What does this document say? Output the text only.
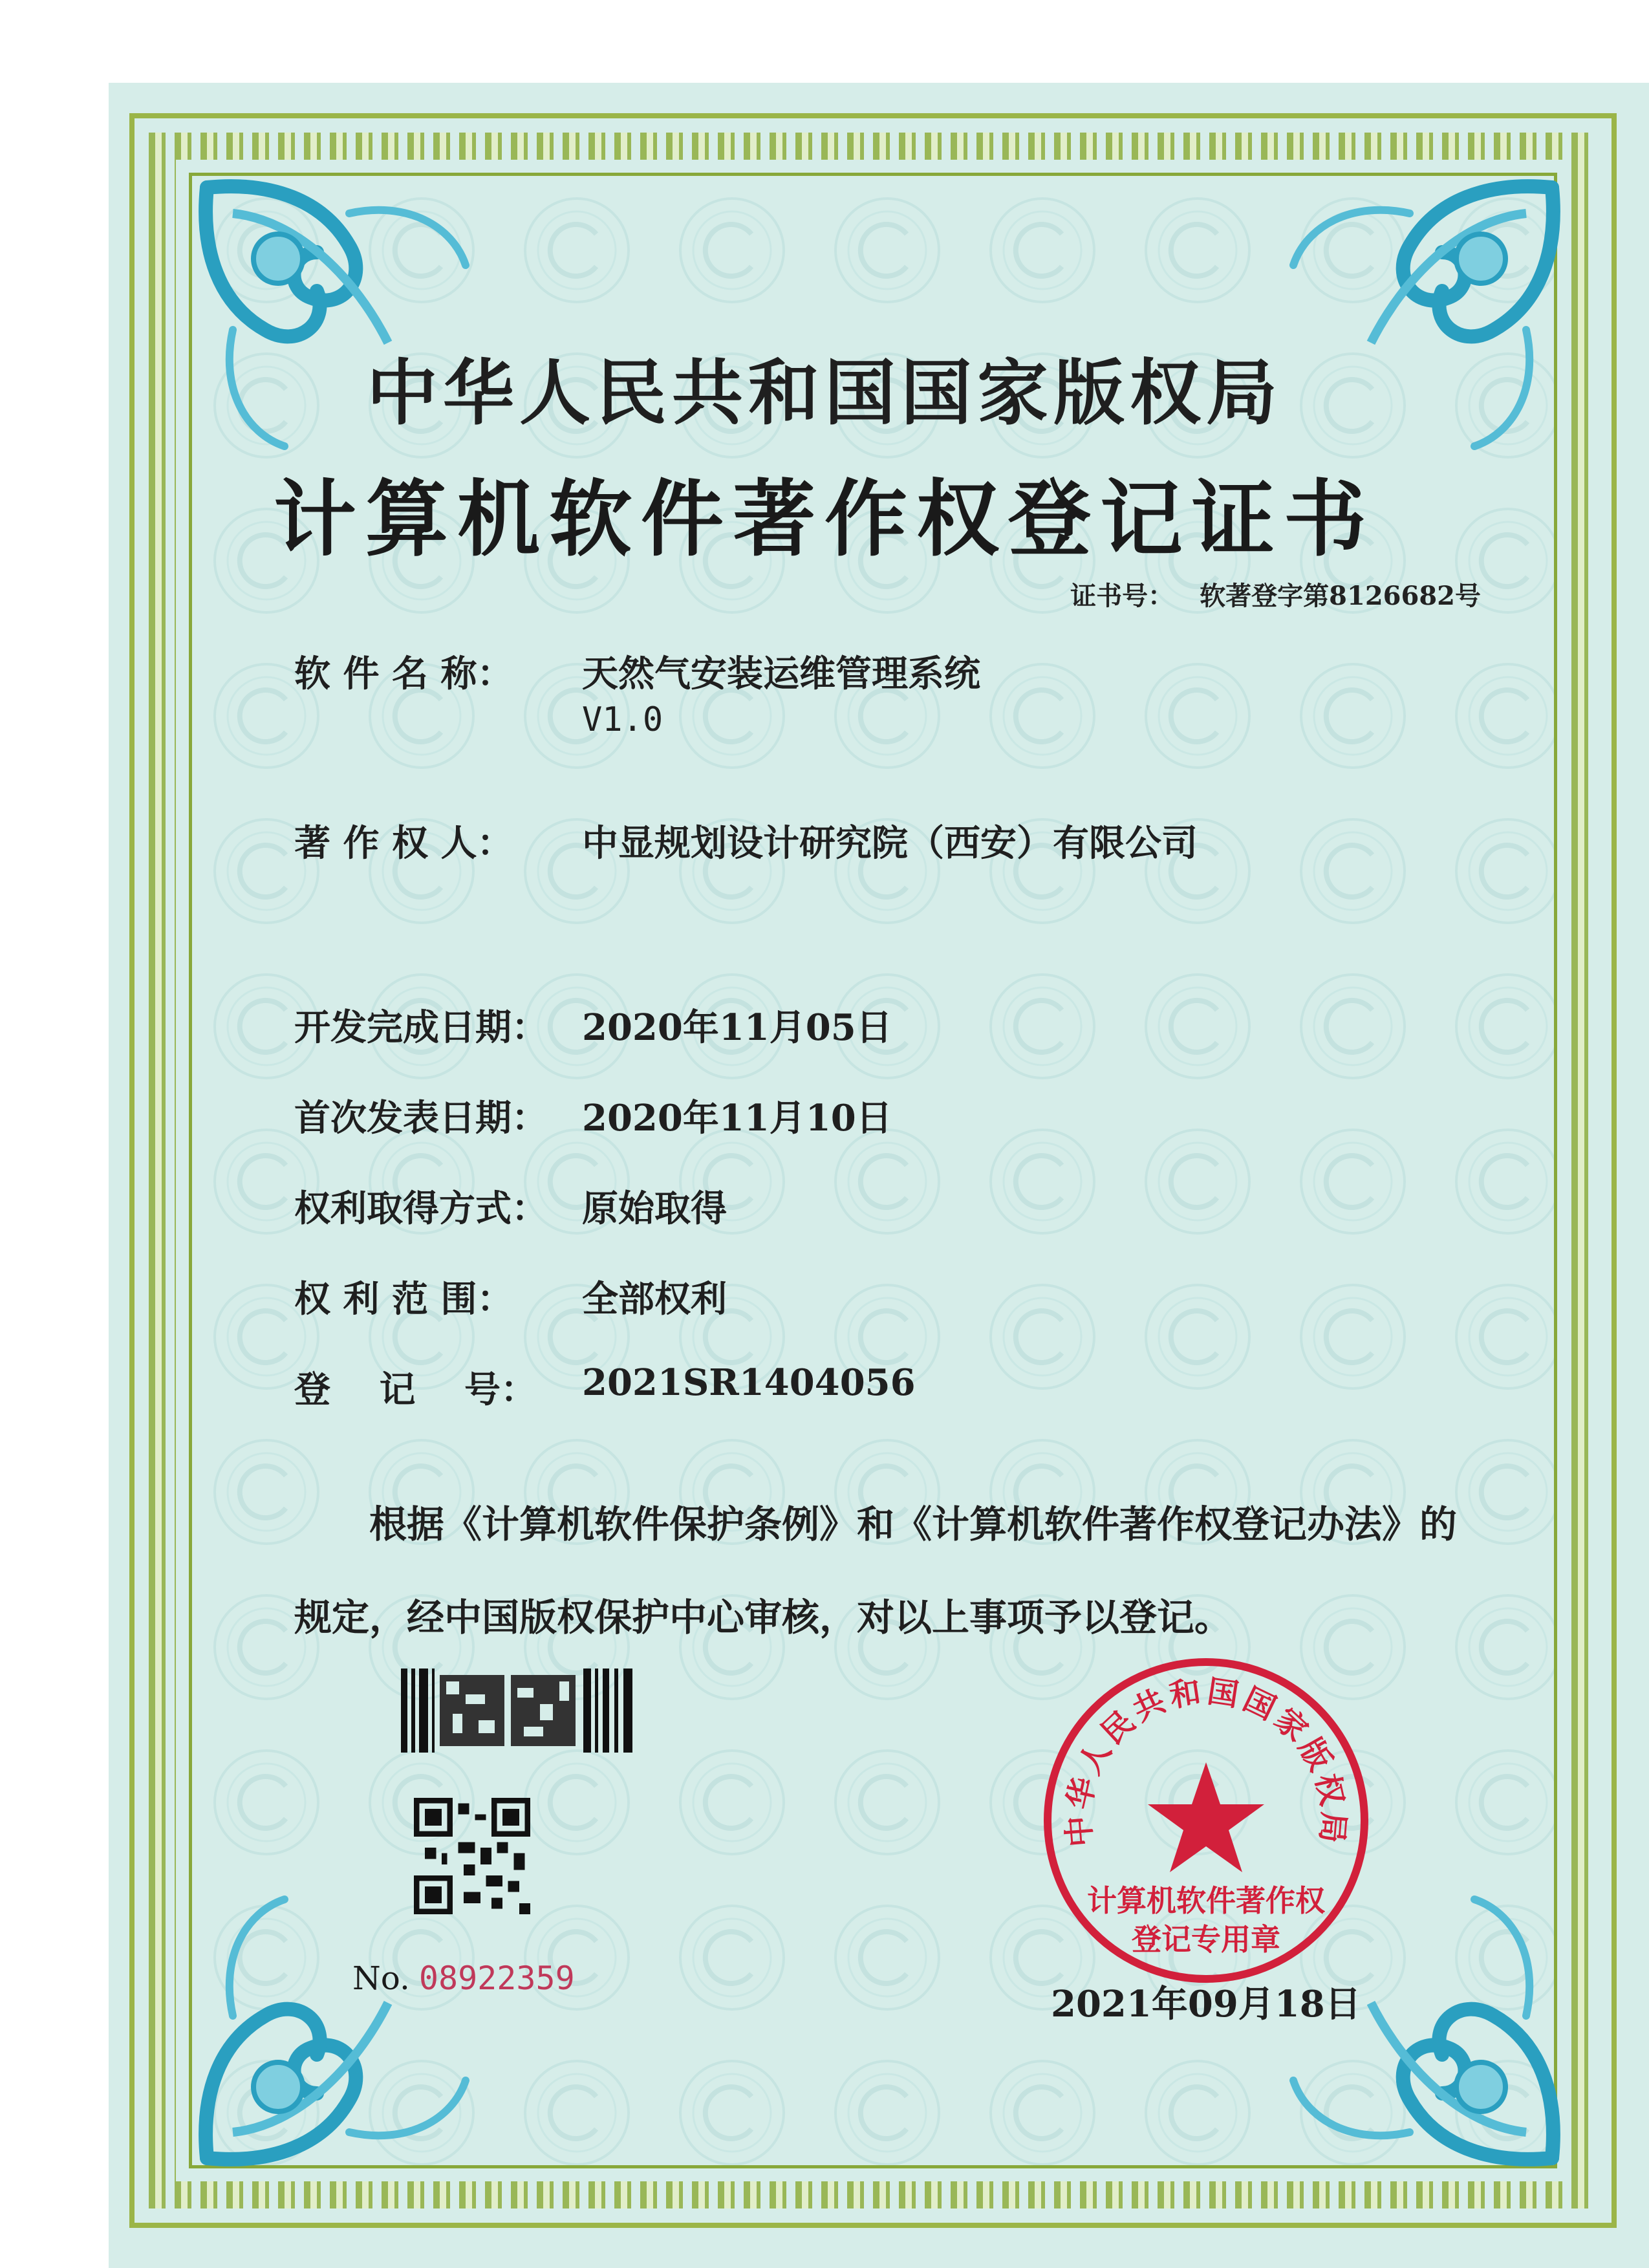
中华人民共和国国家版权局
计算机软件著作权登记证书
证书号： 软著登字第8126682号
软 件 名 称： 天然气安装运维管理系统
V1.0
著 作 权 人： 中显规划设计研究院（西安）有限公司
开发完成日期： 2020年11月05日
首次发表日期： 2020年11月10日
权利取得方式： 原始取得
权 利 范 围： 全部权利
登　 记　 号： 2021SR1404056
根据《计算机软件保护条例》和《计算机软件著作权登记办法》的
规定，经中国版权保护中心审核，对以上事项予以登记。
No. 08922359
中华人民共和国国家版权局
计算机软件著作权
登记专用章
2021年09月18日
